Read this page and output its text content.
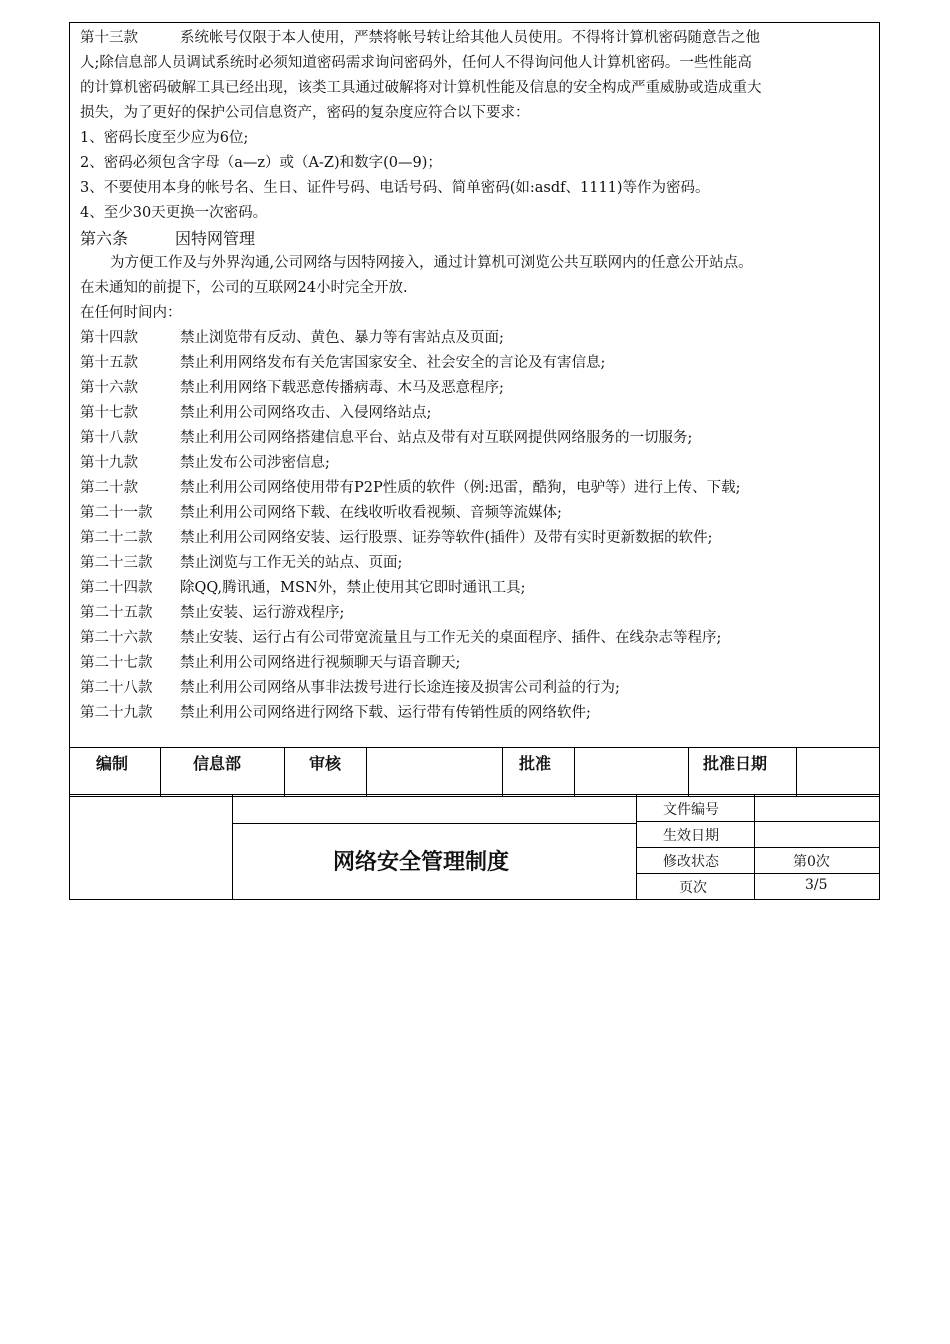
第十三款	系统帐号仅限于本人使用，严禁将帐号转让给其他人员使用。不得将计算机密码随意告之他
人;除信息部人员调试系统时必须知道密码需求询问密码外，任何人不得询问他人计算机密码。一些性能高
的计算机密码破解工具已经出现，该类工具通过破解将对计算机性能及信息的安全构成严重威胁或造成重大
损失，为了更好的保护公司信息资产，密码的复杂度应符合以下要求：
1、密码长度至少应为6位;
2、密码必须包含字母（a—z）或（A-Z)和数字(0—9)；
3、不要使用本身的帐号名、生日、证件号码、电话号码、简单密码(如:asdf、1111)等作为密码。
4、至少30天更换一次密码。
第六条	因特网管理
为方便工作及与外界沟通,公司网络与因特网接入，通过计算机可浏览公共互联网内的任意公开站点。
在未通知的前提下，公司的互联网24小时完全开放.
在任何时间内：
第十四款	禁止浏览带有反动、黄色、暴力等有害站点及页面;
第十五款	禁止利用网络发布有关危害国家安全、社会安全的言论及有害信息;
第十六款	禁止利用网络下载恶意传播病毒、木马及恶意程序;
第十七款	禁止利用公司网络攻击、入侵网络站点;
第十八款	禁止利用公司网络搭建信息平台、站点及带有对互联网提供网络服务的一切服务;
第十九款	禁止发布公司涉密信息;
第二十款	禁止利用公司网络使用带有P2P性质的软件（例:迅雷，酷狗，电驴等）进行上传、下载;
第二十一款 禁止利用公司网络下载、在线收听收看视频、音频等流媒体;
第二十二款 禁止利用公司网络安装、运行股票、证券等软件(插件）及带有实时更新数据的软件;
第二十三款 禁止浏览与工作无关的站点、页面;
第二十四款 除QQ,腾讯通，MSN外，禁止使用其它即时通讯工具;
第二十五款 禁止安装、运行游戏程序;
第二十六款 禁止安装、运行占有公司带宽流量且与工作无关的桌面程序、插件、在线杂志等程序;
第二十七款 禁止利用公司网络进行视频聊天与语音聊天;
第二十八款 禁止利用公司网络从事非法拨号进行长途连接及损害公司利益的行为;
第二十九款 禁止利用公司网络进行网络下载、运行带有传销性质的网络软件;
编制	信息部	审核	批准	批准日期
网络安全管理制度
文件编号
生效日期
修改状态	第0次
页次	3/5
